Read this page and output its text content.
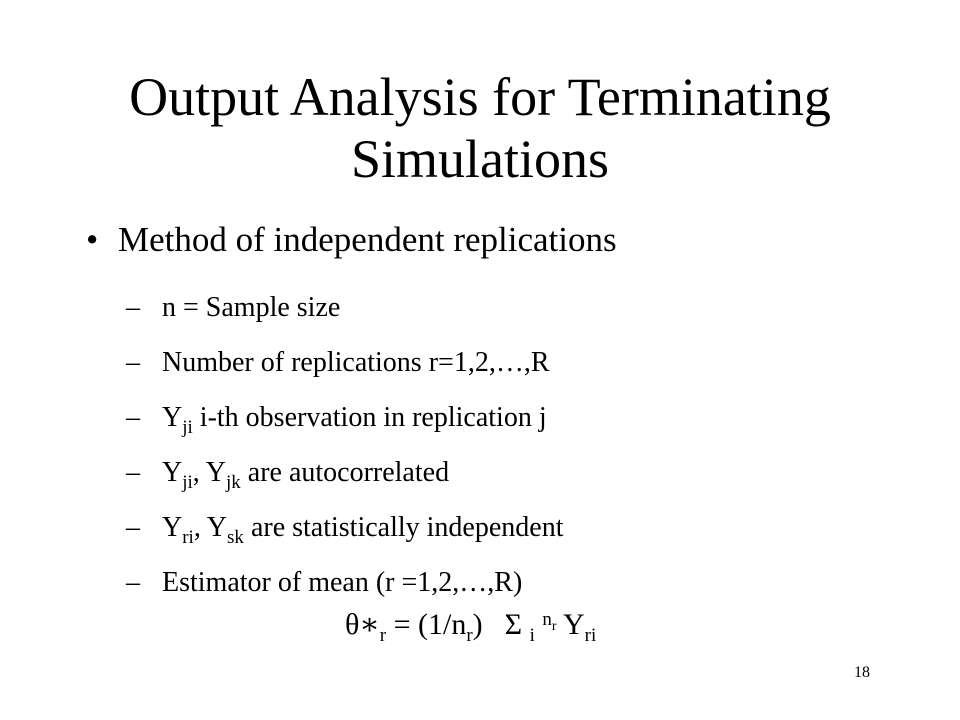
Output Analysis for Terminating
Simulations
• Method of independent replications
– n = Sample size
– Number of replications r=1,2,…,R
– $Y_{ji}$ i-th observation in replication j
– $Y_{ji}$, $Y_{jk}$ are autocorrelated
– $Y_{ri}$, $Y_{sk}$ are statistically independent
– Estimator of mean (r =1,2,…,R)
$\theta∗_r = (1/n_r)$ Σ $_i$ $^n_r$ $Y_{ri}$
18
